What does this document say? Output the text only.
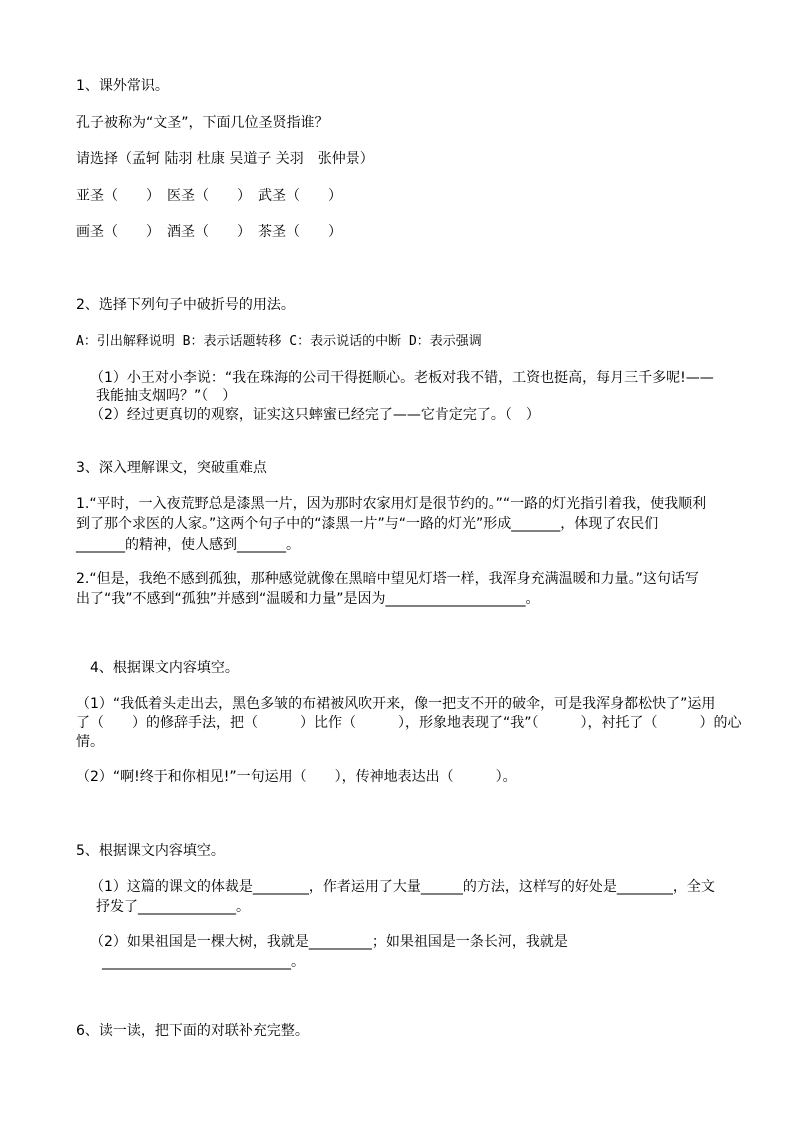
1、课外常识。
孔子被称为“文圣”，下面几位圣贤指谁？
请选择（孟轲 陆羽 杜康 吴道子 关羽　张仲景）
亚圣（　　）　医圣（　　）　武圣（　　）
画圣（　　）　酒圣（　　）　茶圣（　　）
2、选择下列句子中破折号的用法。
A：引出解释说明 B：表示话题转移 C：表示说话的中断 D：表示强调
（1）小王对小李说：“我在珠海的公司干得挺顺心。老板对我不错，工资也挺高，每月三千多呢!——
我能抽支烟吗？”（　）
（2）经过更真切的观察，证实这只蟀蜜已经完了——它肯定完了。（　）
3、深入理解课文，突破重难点
1.“平时，一入夜荒野总是漆黑一片，因为那时农家用灯是很节约的。”“一路的灯光指引着我，使我顺利
到了那个求医的人家。”这两个句子中的“漆黑一片”与“一路的灯光”形成_______，体现了农民们
_______的精神，使人感到_______。
2.“但是，我绝不感到孤独，那种感觉就像在黑暗中望见灯塔一样，我浑身充满温暖和力量。”这句话写
出了“我”不感到“孤独”并感到“温暖和力量”是因为____________________。
4、根据课文内容填空。
（1）“我低着头走出去，黑色多皱的布裙被风吹开来，像一把支不开的破伞，可是我浑身都松快了”运用
了（　　）的修辞手法，把（　　　）比作（　　　），形象地表现了“我”（　　　），衬托了（　　　）的心
情。
（2）“啊!终于和你相见!”一句运用（　　），传神地表达出（　　　）。
5、根据课文内容填空。
（1）这篇的课文的体裁是________，作者运用了大量______的方法，这样写的好处是________，全文
抒发了______________。
（2）如果祖国是一棵大树，我就是_________；如果祖国是一条长河，我就是
___________________________。
6、读一读，把下面的对联补充完整。
